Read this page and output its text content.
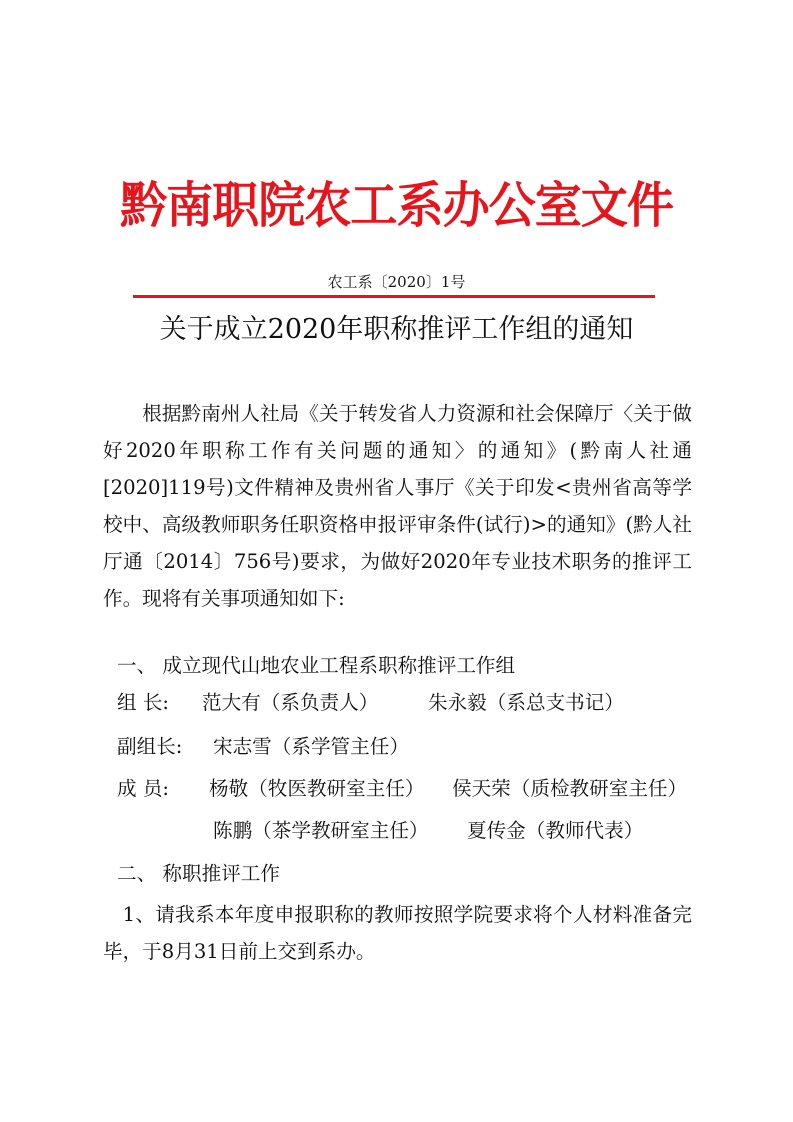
黔南职院农工系办公室文件
农工系〔2020〕1号
关于成立2020年职称推评工作组的通知
根据黔南州人社局《关于转发省人力资源和社会保障厅〈关于做好2020年职称工作有关问题的通知〉的通知》(黔南人社通[2020]119号)文件精神及贵州省人事厅《关于印发<贵州省高等学校中、高级教师职务任职资格申报评审条件(试行)>的通知》(黔人社厅通〔2014〕756号)要求，为做好2020年专业技术职务的推评工作。现将有关事项通知如下:
一、 成立现代山地农业工程系职称推评工作组
组 长: 范大有（系负责人）	朱永毅（系总支书记）
副组长: 宋志雪（系学管主任）
成 员: 杨敬（牧医教研室主任） 侯天荣（质检教研室主任）
陈鹏（茶学教研室主任） 夏传金（教师代表）
二、 称职推评工作
1、请我系本年度申报职称的教师按照学院要求将个人材料准备完毕，于8月31日前上交到系办。
